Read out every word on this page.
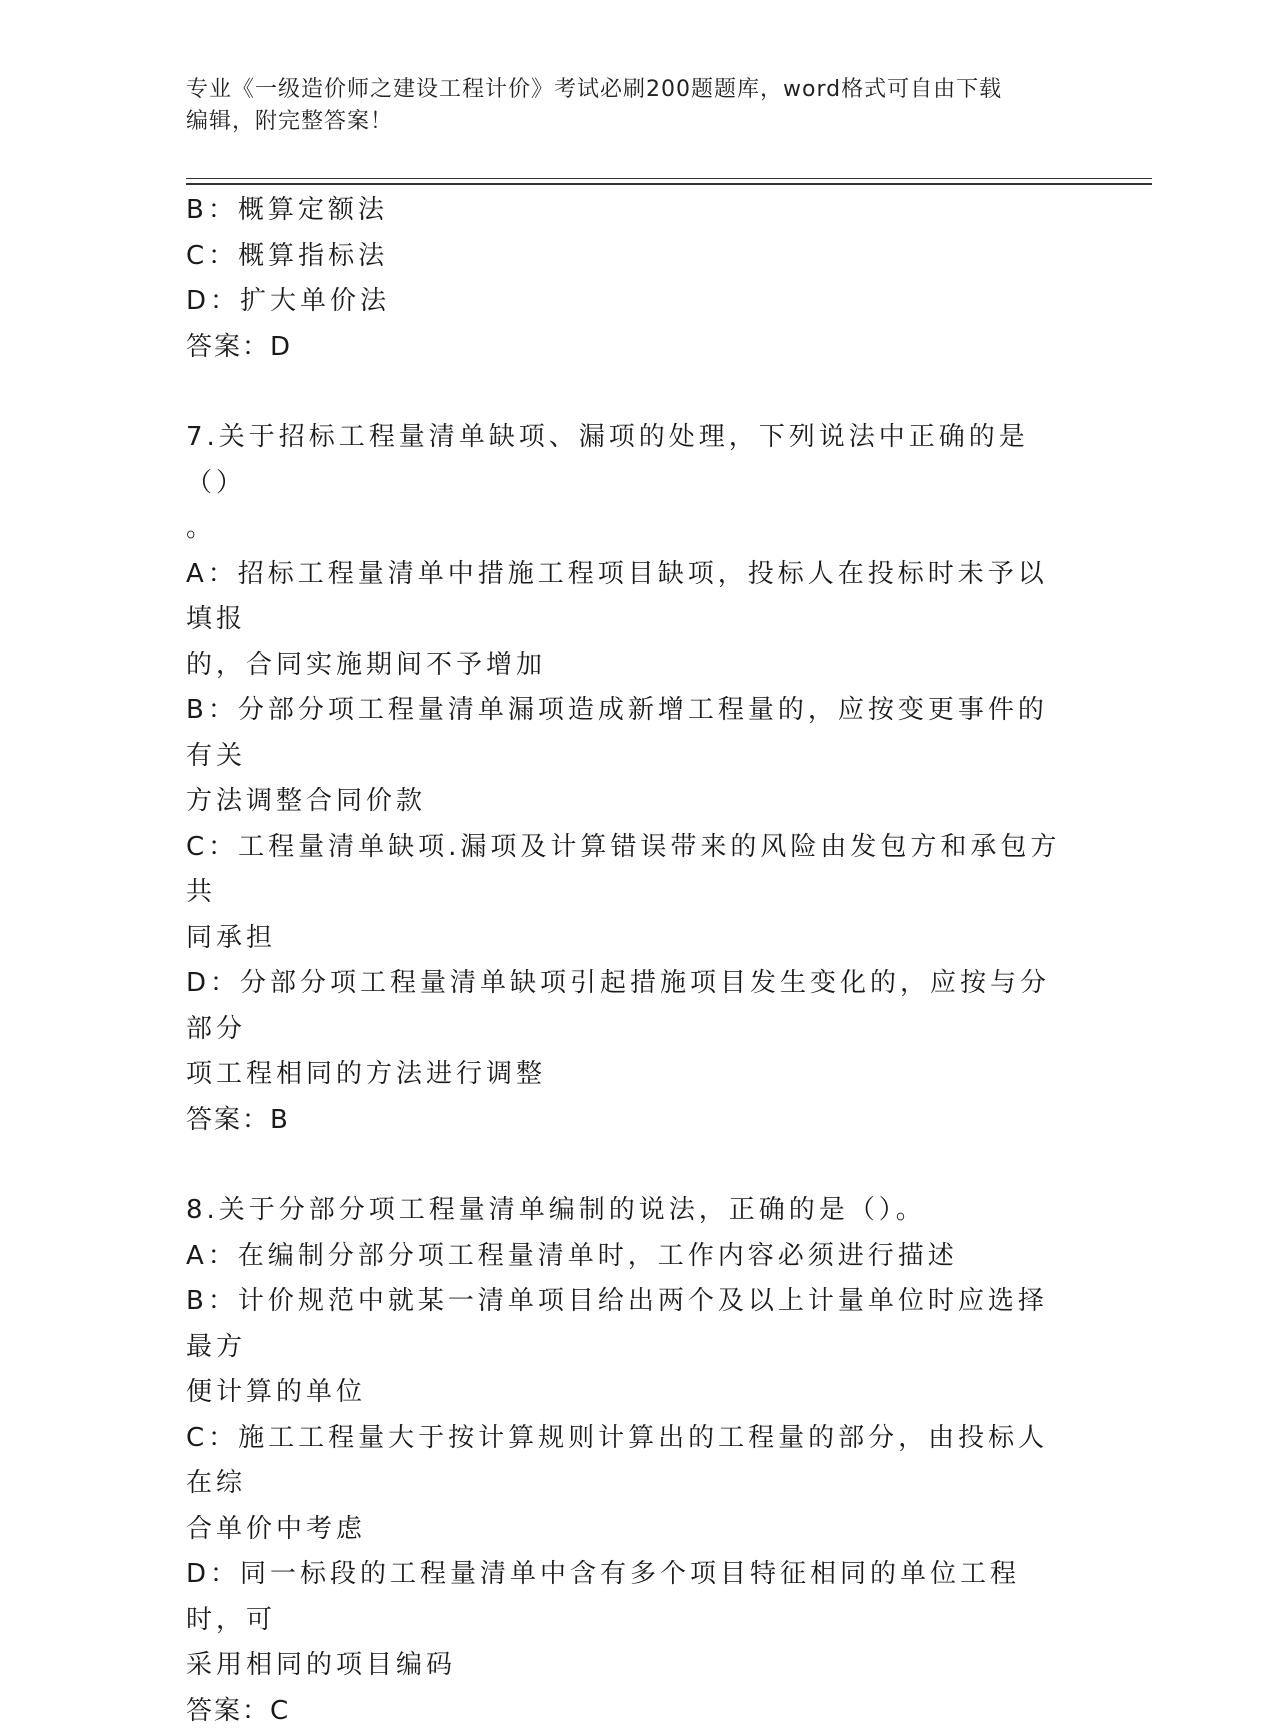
专业《一级造价师之建设工程计价》考试必刷200题题库，word格式可自由下载
编辑，附完整答案！
B：概算定额法
C：概算指标法
D：扩大单价法
答案：D
7.关于招标工程量清单缺项、漏项的处理，下列说法中正确的是（）
。
A：招标工程量清单中措施工程项目缺项，投标人在投标时未予以填报
的，合同实施期间不予增加
B：分部分项工程量清单漏项造成新增工程量的，应按变更事件的有关
方法调整合同价款
C：工程量清单缺项.漏项及计算错误带来的风险由发包方和承包方共
同承担
D：分部分项工程量清单缺项引起措施项目发生变化的，应按与分部分
项工程相同的方法进行调整
答案：B
8.关于分部分项工程量清单编制的说法，正确的是（）。
A：在编制分部分项工程量清单时，工作内容必须进行描述
B：计价规范中就某一清单项目给出两个及以上计量单位时应选择最方
便计算的单位
C：施工工程量大于按计算规则计算出的工程量的部分，由投标人在综
合单价中考虑
D：同一标段的工程量清单中含有多个项目特征相同的单位工程时，可
采用相同的项目编码
答案：C
